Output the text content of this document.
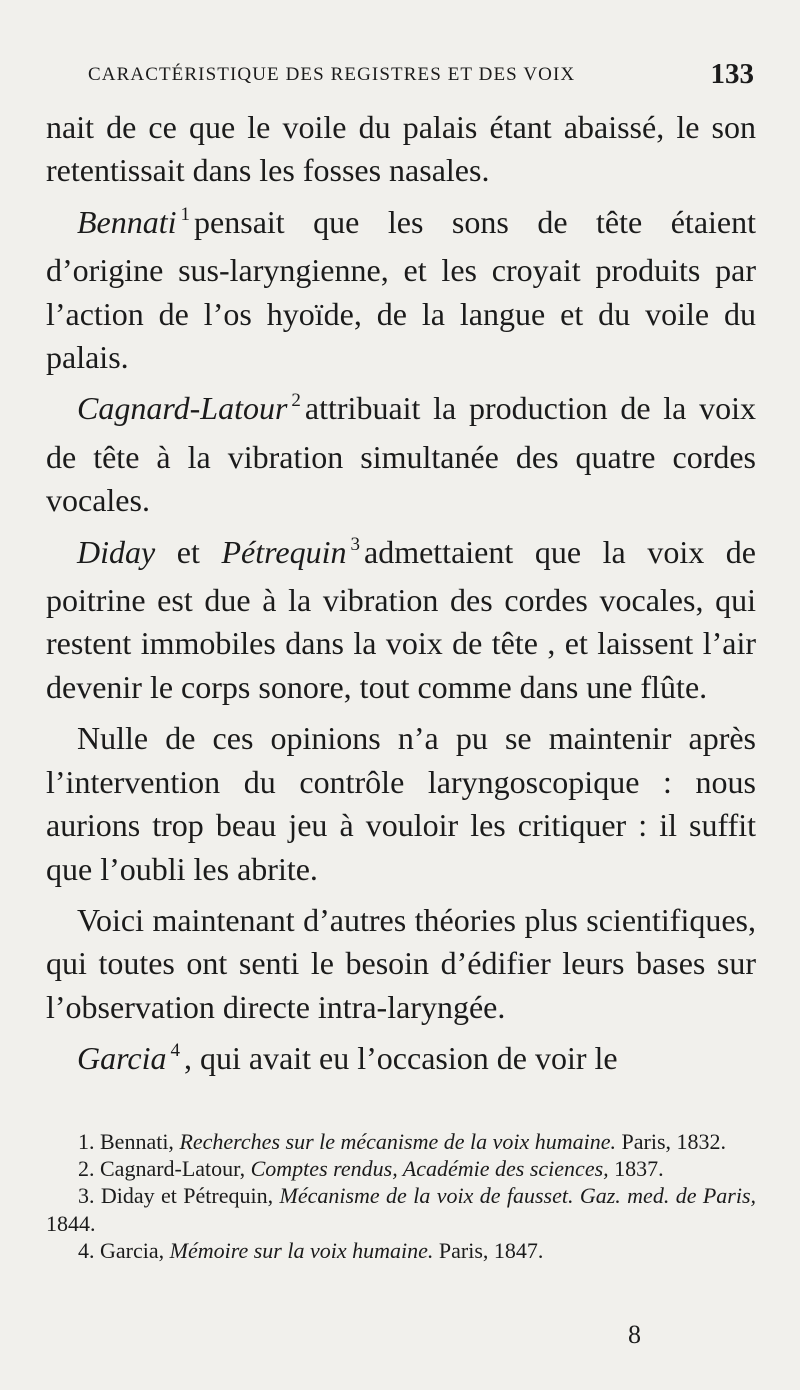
CARACTÉRISTIQUE DES REGISTRES ET DES VOIX	133

nait de ce que le voile du palais étant abaissé, le son retentissait dans les fosses nasales.

Bennati $^1$ pensait que les sons de tête étaient d’origine sus-laryngienne, et les croyait produits par l’action de l’os hyoïde, de la langue et du voile du palais.

Cagnard-Latour $^2$ attribuait la production de la voix de tête à la vibration simultanée des quatre cordes vocales.

Diday et Pétrequin $^3$ admettaient que la voix de poitrine est due à la vibration des cordes vocales, qui restent immobiles dans la voix de tête , et laissent l’air devenir le corps sonore, tout comme dans une flûte.

Nulle de ces opinions n’a pu se maintenir après l’intervention du contrôle laryngoscopique : nous aurions trop beau jeu à vouloir les critiquer : il suffit que l’oubli les abrite.

Voici maintenant d’autres théories plus scientifiques, qui toutes ont senti le besoin d’édifier leurs bases sur l’observation directe intra-laryngée.

Garcia $^4$ , qui avait eu l’occasion de voir le

1. Bennati, Recherches sur le mécanisme de la voix humaine. Paris, 1832.

2. Cagnard-Latour, Comptes rendus, Académie des sciences, 1837.

3. Diday et Pétrequin, Mécanisme de la voix de fausset. Gaz. med. de Paris, 1844.

4. Garcia, Mémoire sur la voix humaine. Paris, 1847.

8
